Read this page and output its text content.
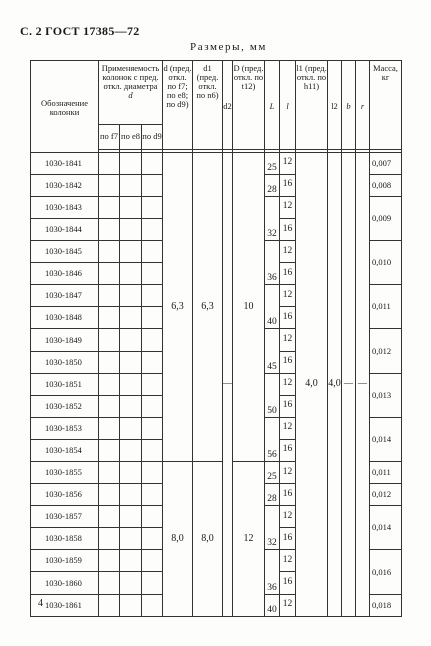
С. 2 ГОСТ 17385—72
Размеры, мм
Обозначение колонки	Применяемость колонок с пред. откл. диаметра
d			d (пред. откл. по f7; по e8; по d9)	d1 (пред. откл. по n6)	d2	D (пред. откл. по t12)	L	l	l1 (пред. откл. по h11)	l2	b	r	Масса, кг

	по f7	по e8	по d9											

1030-1841				6,3	6,3	—	10	25	12	4,0	4,0	—	—	0,007
1030-1842								28	16					0,008
1030-1843								32	12					0,009
1030-1844									16					
1030-1845								36	12					0,010
1030-1846									16					
1030-1847								40	12					0,011
1030-1848									16					
1030-1849								45	12					0,012
1030-1850									16					
1030-1851								50	12					0,013
1030-1852									16					
1030-1853								56	12					0,014
1030-1854									16					
1030-1855				8,0	8,0		12	25	12					0,011
1030-1856								28	16					0,012
1030-1857								32	12					0,014
1030-1858									16					
1030-1859								36	12					0,016
1030-1860									16					
1030-1861								40	12					0,018
4
